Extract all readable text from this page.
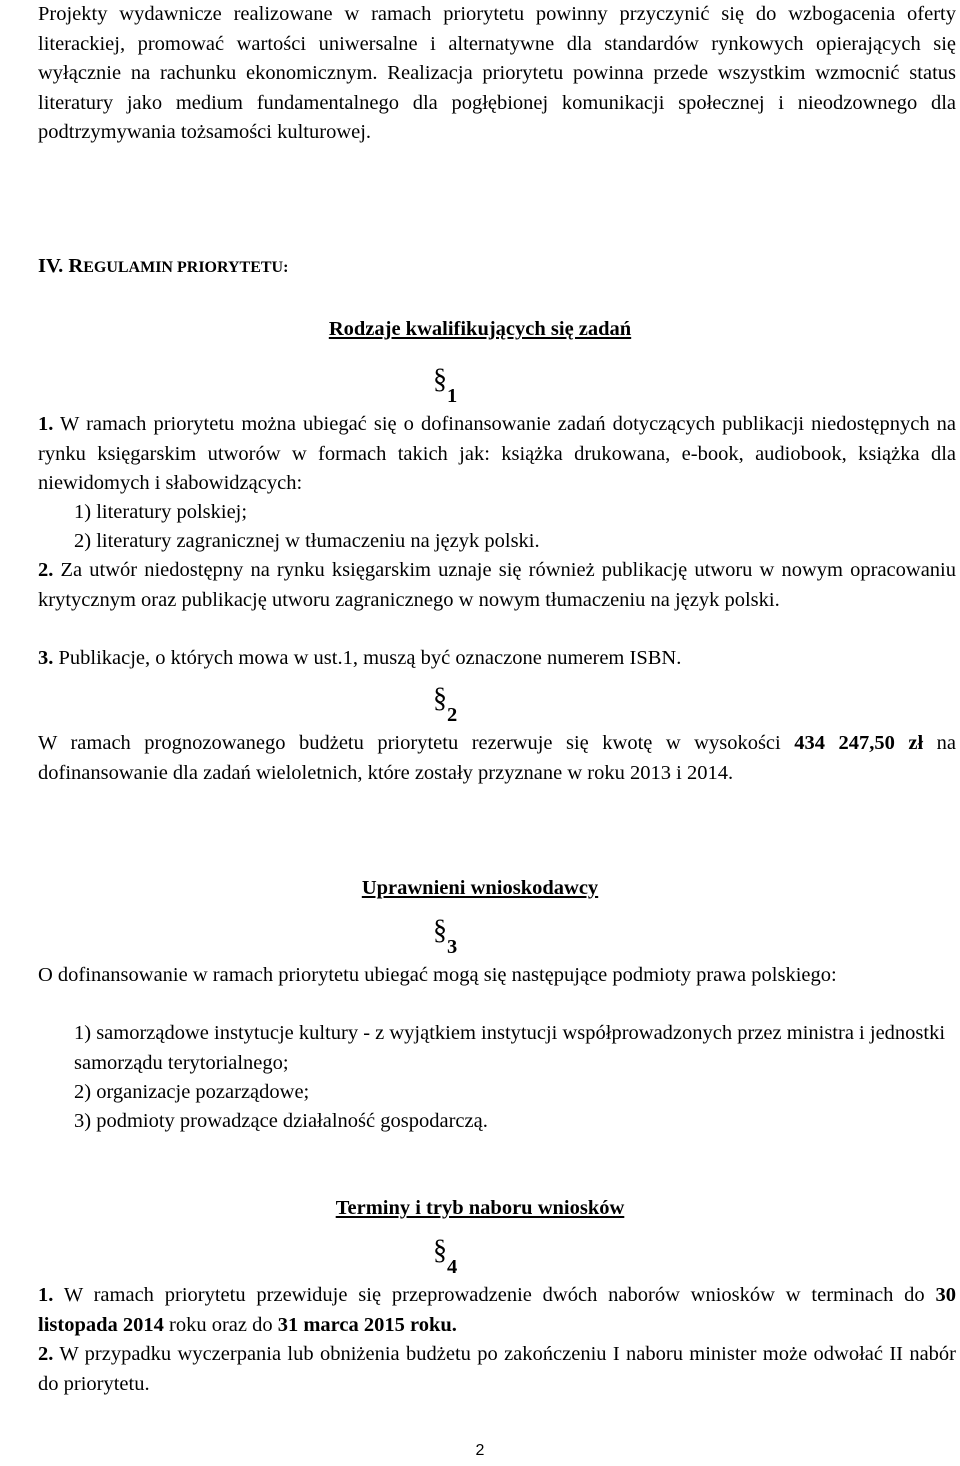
Projekty wydawnicze realizowane w ramach priorytetu powinny przyczynić się do wzbogacenia oferty literackiej, promować wartości uniwersalne i alternatywne dla standardów rynkowych opierających się wyłącznie na rachunku ekonomicznym. Realizacja priorytetu powinna przede wszystkim wzmocnić status literatury jako medium fundamentalnego dla pogłębionej komunikacji społecznej i nieodzownego dla podtrzymywania tożsamości kulturowej.

IV. REGULAMIN PRIORYTETU:
Rodzaje kwalifikujących się zadań
§1

1. W ramach priorytetu można ubiegać się o dofinansowanie zadań dotyczących publikacji niedostępnych na rynku księgarskim utworów w formach takich jak: książka drukowana, e-book, audiobook, książka dla niewidomych i słabowidzących:

1) literatury polskiej;

2) literatury zagranicznej w tłumaczeniu na język polski.

2. Za utwór niedostępny na rynku księgarskim uznaje się również publikację utworu w nowym opracowaniu krytycznym oraz publikację utworu zagranicznego w nowym tłumaczeniu na język polski.

3. Publikacje, o których mowa w ust.1, muszą być oznaczone numerem ISBN.

§2

W ramach prognozowanego budżetu priorytetu rezerwuje się kwotę w wysokości 434 247,50 zł na dofinansowanie dla zadań wieloletnich, które zostały przyznane w roku 2013 i 2014.

Uprawnieni wnioskodawcy
§3

O dofinansowanie w ramach priorytetu ubiegać mogą się następujące podmioty prawa polskiego:

1) samorządowe instytucje kultury - z wyjątkiem instytucji współprowadzonych przez ministra i jednostki samorządu terytorialnego;

2) organizacje pozarządowe;

3) podmioty prowadzące działalność gospodarczą.

Terminy i tryb naboru wniosków
§4

1. W ramach priorytetu przewiduje się przeprowadzenie dwóch naborów wniosków w terminach do 30 listopada 2014 roku oraz do 31 marca 2015 roku.

2. W przypadku wyczerpania lub obniżenia budżetu po zakończeniu I naboru minister może odwołać II nabór do priorytetu.

2
